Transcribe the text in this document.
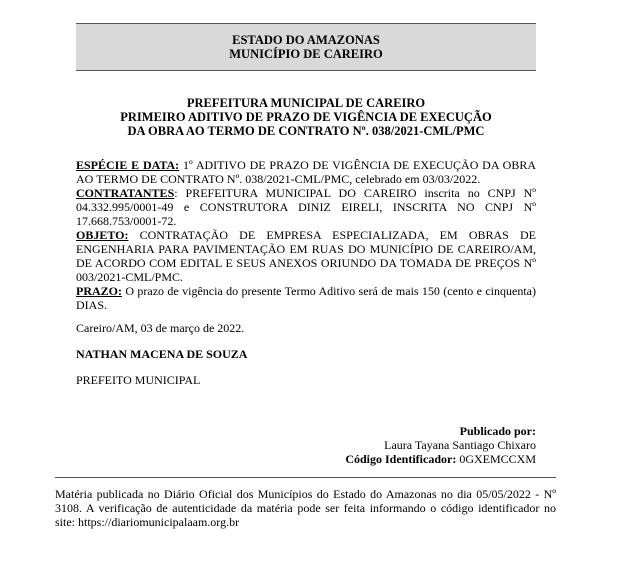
ESTADO DO AMAZONAS
MUNICÍPIO DE CAREIRO
PREFEITURA MUNICIPAL DE CAREIRO
PRIMEIRO ADITIVO DE PRAZO DE VIGÊNCIA DE EXECUÇÃO
DA OBRA AO TERMO DE CONTRATO Nº. 038/2021-CML/PMC

ESPÉCIE E DATA: 1º ADITIVO DE PRAZO DE VIGÊNCIA DE EXECUÇÃO DA OBRA AO TERMO DE CONTRATO Nº. 038/2021-CML/PMC, celebrado em 03/03/2022.

CONTRATANTES: PREFEITURA MUNICIPAL DO CAREIRO inscrita no CNPJ Nº 04.332.995/0001-49 e CONSTRUTORA DINIZ EIRELI, INSCRITA NO CNPJ Nº 17.668.753/0001-72.

OBJETO: CONTRATAÇÃO DE EMPRESA ESPECIALIZADA, EM OBRAS DE ENGENHARIA PARA PAVIMENTAÇÃO EM RUAS DO MUNICÍPIO DE CAREIRO/AM, DE ACORDO COM EDITAL E SEUS ANEXOS ORIUNDO DA TOMADA DE PREÇOS Nº 003/2021-CML/PMC.

PRAZO: O prazo de vigência do presente Termo Aditivo será de mais 150 (cento e cinquenta) DIAS.

Careiro/AM, 03 de março de 2022.

NATHAN MACENA DE SOUZA

PREFEITO MUNICIPAL

Publicado por:
Laura Tayana Santiago Chixaro
Código Identificador: 0GXEMCCXM
Matéria publicada no Diário Oficial dos Municípios do Estado do Amazonas no dia 05/05/2022 - Nº 3108. A verificação de autenticidade da matéria pode ser feita informando o código identificador no site: https://diariomunicipalaam.org.br
